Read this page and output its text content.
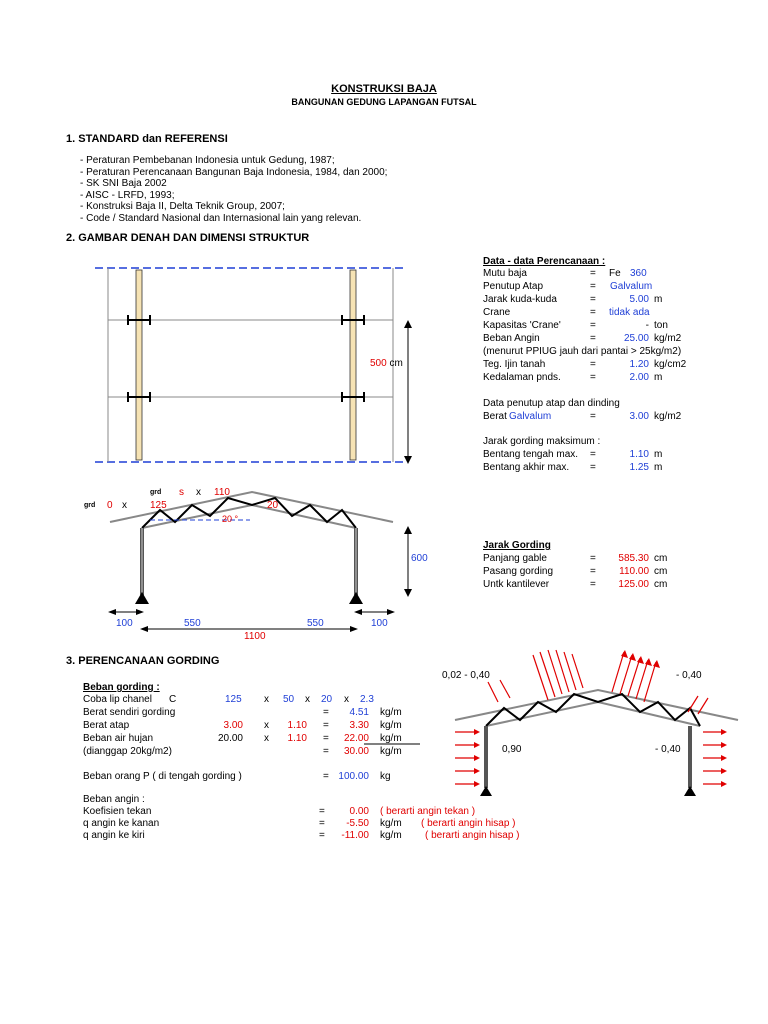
KONSTRUKSI BAJA
BANGUNAN GEDUNG LAPANGAN FUTSAL
1. STANDARD dan REFERENSI
- Peraturan Pembebanan Indonesia untuk Gedung, 1987;
- Peraturan Perencanaan Bangunan Baja Indonesia, 1984, dan 2000;
- SK SNI Baja 2002
- AISC - LRFD, 1993;
- Konstruksi Baja II, Delta Teknik Group, 2007;
- Code / Standard Nasional dan Internasional lain yang relevan.
2. GAMBAR DENAH DAN DIMENSI STRUKTUR
500 cm
grd 0 x 125
grd s x 110
20
20 °
600
100	550	550	100
1100
Data - data Perencanaan :
Mutu baja	= Fe 360
Penutup Atap	= Galvalum
Jarak kuda-kuda	=	5.00 m
Crane	= tidak ada
Kapasitas 'Crane'	=	- ton
Beban Angin	=	25.00 kg/m2
(menurut PPIUG jauh dari pantai > 25kg/m2)
Teg. Ijin tanah	=	1.20 kg/cm2
Kedalaman pnds.	=	2.00 m
Data penutup atap dan dinding
Berat Galvalum	=	3.00 kg/m2
Jarak gording maksimum :
Bentang tengah max. =	1.10 m
Bentang akhir max. =	1.25 m
Jarak Gording
Panjang gable	=	585.30 cm
Pasang gording	=	110.00 cm
Untk kantilever	=	125.00 cm
3. PERENCANAAN GORDING
Beban gording :
Coba lip chanel C	125 x 50 x 20 x 2.3
Berat sendiri gording	=	4.51 kg/m
Berat atap	3.00 x	1.10 =	3.30 kg/m
Beban air hujan	20.00 x	1.10 =	22.00 kg/m
(dianggap 20kg/m2)	=	30.00 kg/m
Beban orang P ( di tengah gording )	= 100.00 kg
Beban angin :
Koefisien tekan	=	0.00 ( berarti angin tekan )
q angin ke kanan	=	-5.50 kg/m ( berarti angin hisap )
q angin ke kiri	=	-11.00 kg/m ( berarti angin hisap )
0,02 - 0,40	- 0,40
0,90	- 0,40
